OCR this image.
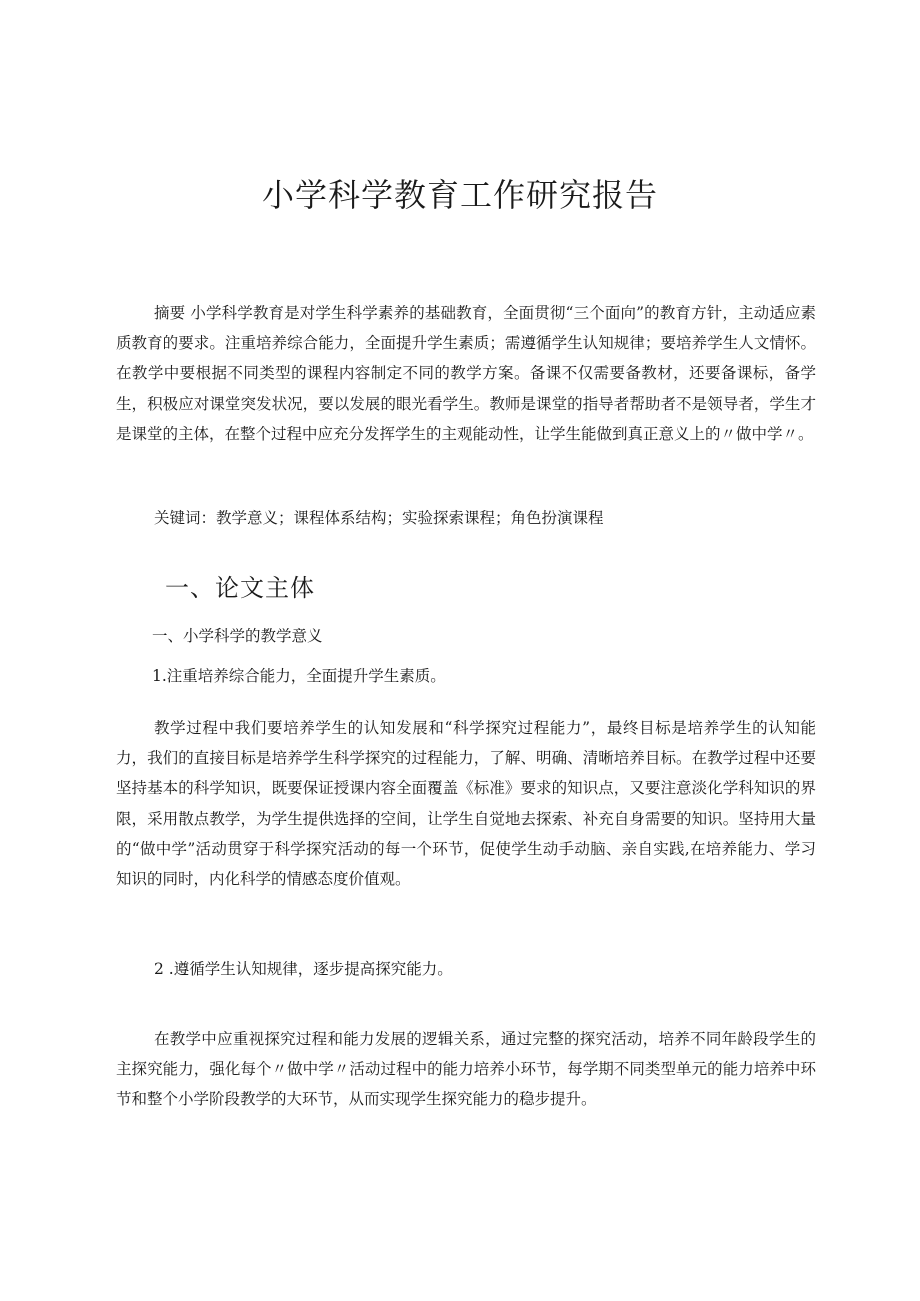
小学科学教育工作研究报告

摘要 小学科学教育是对学生科学素养的基础教育，全面贯彻“三个面向”的教育方针，主动适应素质教育的要求。注重培养综合能力，全面提升学生素质；需遵循学生认知规律；要培养学生人文情怀。在教学中要根据不同类型的课程内容制定不同的教学方案。备课不仅需要备教材，还要备课标，备学生，积极应对课堂突发状况，要以发展的眼光看学生。教师是课堂的指导者帮助者不是领导者，学生才是课堂的主体，在整个过程中应充分发挥学生的主观能动性，让学生能做到真正意义上的〃做中学〃。

关键词：教学意义；课程体系结构；实验探索课程；角色扮演课程

一、论文主体

一、小学科学的教学意义

1.注重培养综合能力，全面提升学生素质。

教学过程中我们要培养学生的认知发展和“科学探究过程能力”，最终目标是培养学生的认知能力，我们的直接目标是培养学生科学探究的过程能力，了解、明确、清晰培养目标。在教学过程中还要坚持基本的科学知识，既要保证授课内容全面覆盖《标准》要求的知识点，又要注意淡化学科知识的界限，采用散点教学，为学生提供选择的空间，让学生自觉地去探索、补充自身需要的知识。坚持用大量的“做中学”活动贯穿于科学探究活动的每一个环节，促使学生动手动脑、亲自实践,在培养能力、学习知识的同时，内化科学的情感态度价值观。

2 .遵循学生认知规律，逐步提高探究能力。

在教学中应重视探究过程和能力发展的逻辑关系，通过完整的探究活动，培养不同年龄段学生的主探究能力，强化每个〃做中学〃活动过程中的能力培养小环节，每学期不同类型单元的能力培养中环节和整个小学阶段教学的大环节，从而实现学生探究能力的稳步提升。
